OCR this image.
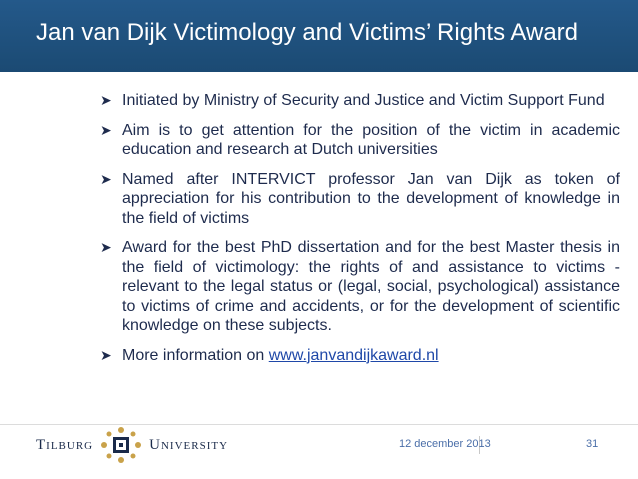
Jan van Dijk Victimology and Victims’ Rights Award
➤ Initiated by Ministry of Security and Justice and Victim Support Fund
➤ Aim is to get attention for the position of the victim in academic education and research at Dutch universities
➤ Named after INTERVICT professor Jan van Dijk as token of appreciation for his contribution to the development of knowledge in the field of victims
➤ Award for the best PhD dissertation and for the best Master thesis in the field of victimology: the rights of and assistance to victims - relevant to the legal status or (legal, social, psychological) assistance to victims of crime and accidents, or for the development of scientific knowledge on these subjects.
➤ More information on www.janvandijkaward.nl
TILBURG	UNIVERSITY	12 december 2013	31
